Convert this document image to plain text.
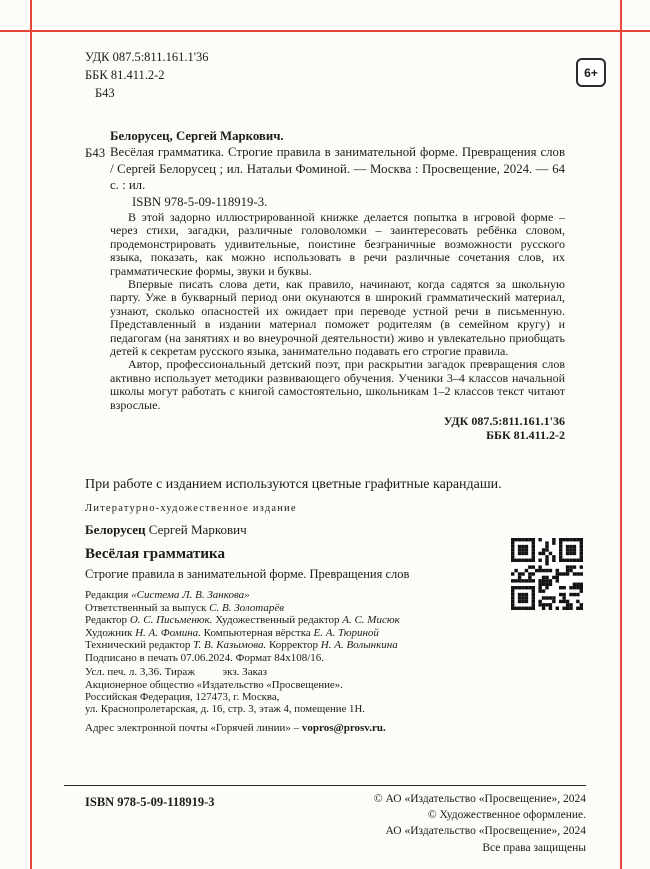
УДК 087.5:811.161.1'36
ББК 81.411.2-2
Б43
6+
Б43

Белорусец, Сергей Маркович.

Весёлая грамматика. Строгие правила в занимательной форме. Превращения слов / Сергей Белорусец ; ил. Натальи Фоминой. — Москва : Просвещение, 2024. — 64 с. : ил.

ISBN 978-5-09-118919-3.

В этой задорно иллюстрированной книжке делается попытка в игровой форме – через стихи, загадки, различные головоломки – заинтересовать ребёнка словом, продемонстрировать удивительные, поистине безграничные возможности русского языка, показать, как можно использовать в речи различные сочетания слов, их грамматические формы, звуки и буквы.

Впервые писать слова дети, как правило, начинают, когда садятся за школьную парту. Уже в букварный период они окунаются в широкий грамматический материал, узнают, сколько опасностей их ожидает при переводе устной речи в письменную. Представленный в издании материал поможет родителям (в семейном кругу) и педагогам (на занятиях и во внеурочной деятельности) живо и увлекательно приобщать детей к секретам русского языка, занимательно подавать его строгие правила.

Автор, профессиональный детский поэт, при раскрытии загадок превращения слов активно использует методики развивающего обучения. Ученики 3–4 классов начальной школы могут работать с книгой самостоятельно, школьникам 1–2 классов текст читают взрослые.

УДК 087.5:811.161.1'36
ББК 81.411.2-2
При работе с изданием используются цветные графитные карандаши.

Литературно-художественное издание

Белорусец Сергей Маркович

Весёлая грамматика

Строгие правила в занимательной форме. Превращения слов

Редакция «Система Л. В. Занкова»
Ответственный за выпуск С. В. Золотарёв
Редактор О. С. Письменюк. Художественный редактор А. С. Мисюк
Художник Н. А. Фомина. Компьютерная вёрстка Е. А. Тюриной
Технический редактор Т. В. Казымова. Корректор Н. А. Волынкина
Подписано в печать 07.06.2024. Формат 84х108/16.
Усл. печ. л. 3,36. Тираж          экз. Заказ
Акционерное общество «Издательство «Просвещение».
Российская Федерация, 127473, г. Москва,
ул. Краснопролетарская, д. 16, стр. 3, этаж 4, помещение 1Н.
Адрес электронной почты «Горячей линии» – vopros@prosv.ru.
ISBN 978-5-09-118919-3	© АО «Издательство «Просвещение», 2024
© Художественное оформление.
АО «Издательство «Просвещение», 2024
Все права защищены
